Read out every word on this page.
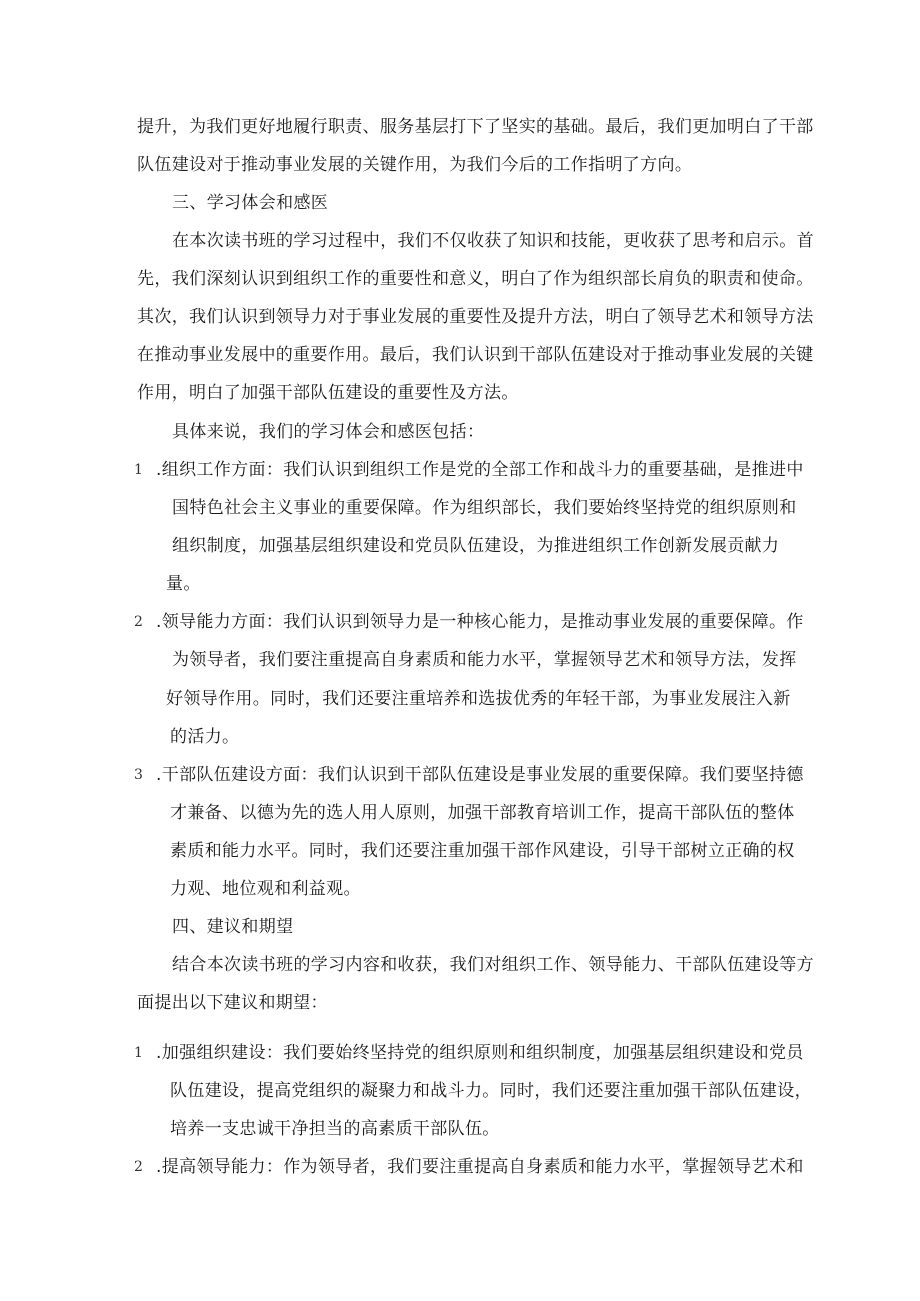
提升，为我们更好地履行职责、服务基层打下了坚实的基础。最后，我们更加明白了干部
队伍建设对于推动事业发展的关键作用，为我们今后的工作指明了方向。
三、学习体会和感医
在本次读书班的学习过程中，我们不仅收获了知识和技能，更收获了思考和启示。首
先，我们深刻认识到组织工作的重要性和意义，明白了作为组织部长肩负的职责和使命。
其次，我们认识到领导力对于事业发展的重要性及提升方法，明白了领导艺术和领导方法
在推动事业发展中的重要作用。最后，我们认识到干部队伍建设对于推动事业发展的关键
作用，明白了加强干部队伍建设的重要性及方法。
具体来说，我们的学习体会和感医包括：
1 .组织工作方面：我们认识到组织工作是党的全部工作和战斗力的重要基础，是推进中
国特色社会主义事业的重要保障。作为组织部长，我们要始终坚持党的组织原则和
组织制度，加强基层组织建设和党员队伍建设，为推进组织工作创新发展贡献力
量。
2 .领导能力方面：我们认识到领导力是一种核心能力，是推动事业发展的重要保障。作
为领导者，我们要注重提高自身素质和能力水平，掌握领导艺术和领导方法，发挥
好领导作用。同时，我们还要注重培养和选拔优秀的年轻干部，为事业发展注入新
的活力。
3 .干部队伍建设方面：我们认识到干部队伍建设是事业发展的重要保障。我们要坚持德
才兼备、以德为先的选人用人原则，加强干部教育培训工作，提高干部队伍的整体
素质和能力水平。同时，我们还要注重加强干部作风建设，引导干部树立正确的权
力观、地位观和利益观。
四、建议和期望
结合本次读书班的学习内容和收获，我们对组织工作、领导能力、干部队伍建设等方
面提出以下建议和期望：
1 .加强组织建设：我们要始终坚持党的组织原则和组织制度，加强基层组织建设和党员
队伍建设，提高党组织的凝聚力和战斗力。同时，我们还要注重加强干部队伍建设，
培养一支忠诚干净担当的高素质干部队伍。
2 .提高领导能力：作为领导者，我们要注重提高自身素质和能力水平，掌握领导艺术和
